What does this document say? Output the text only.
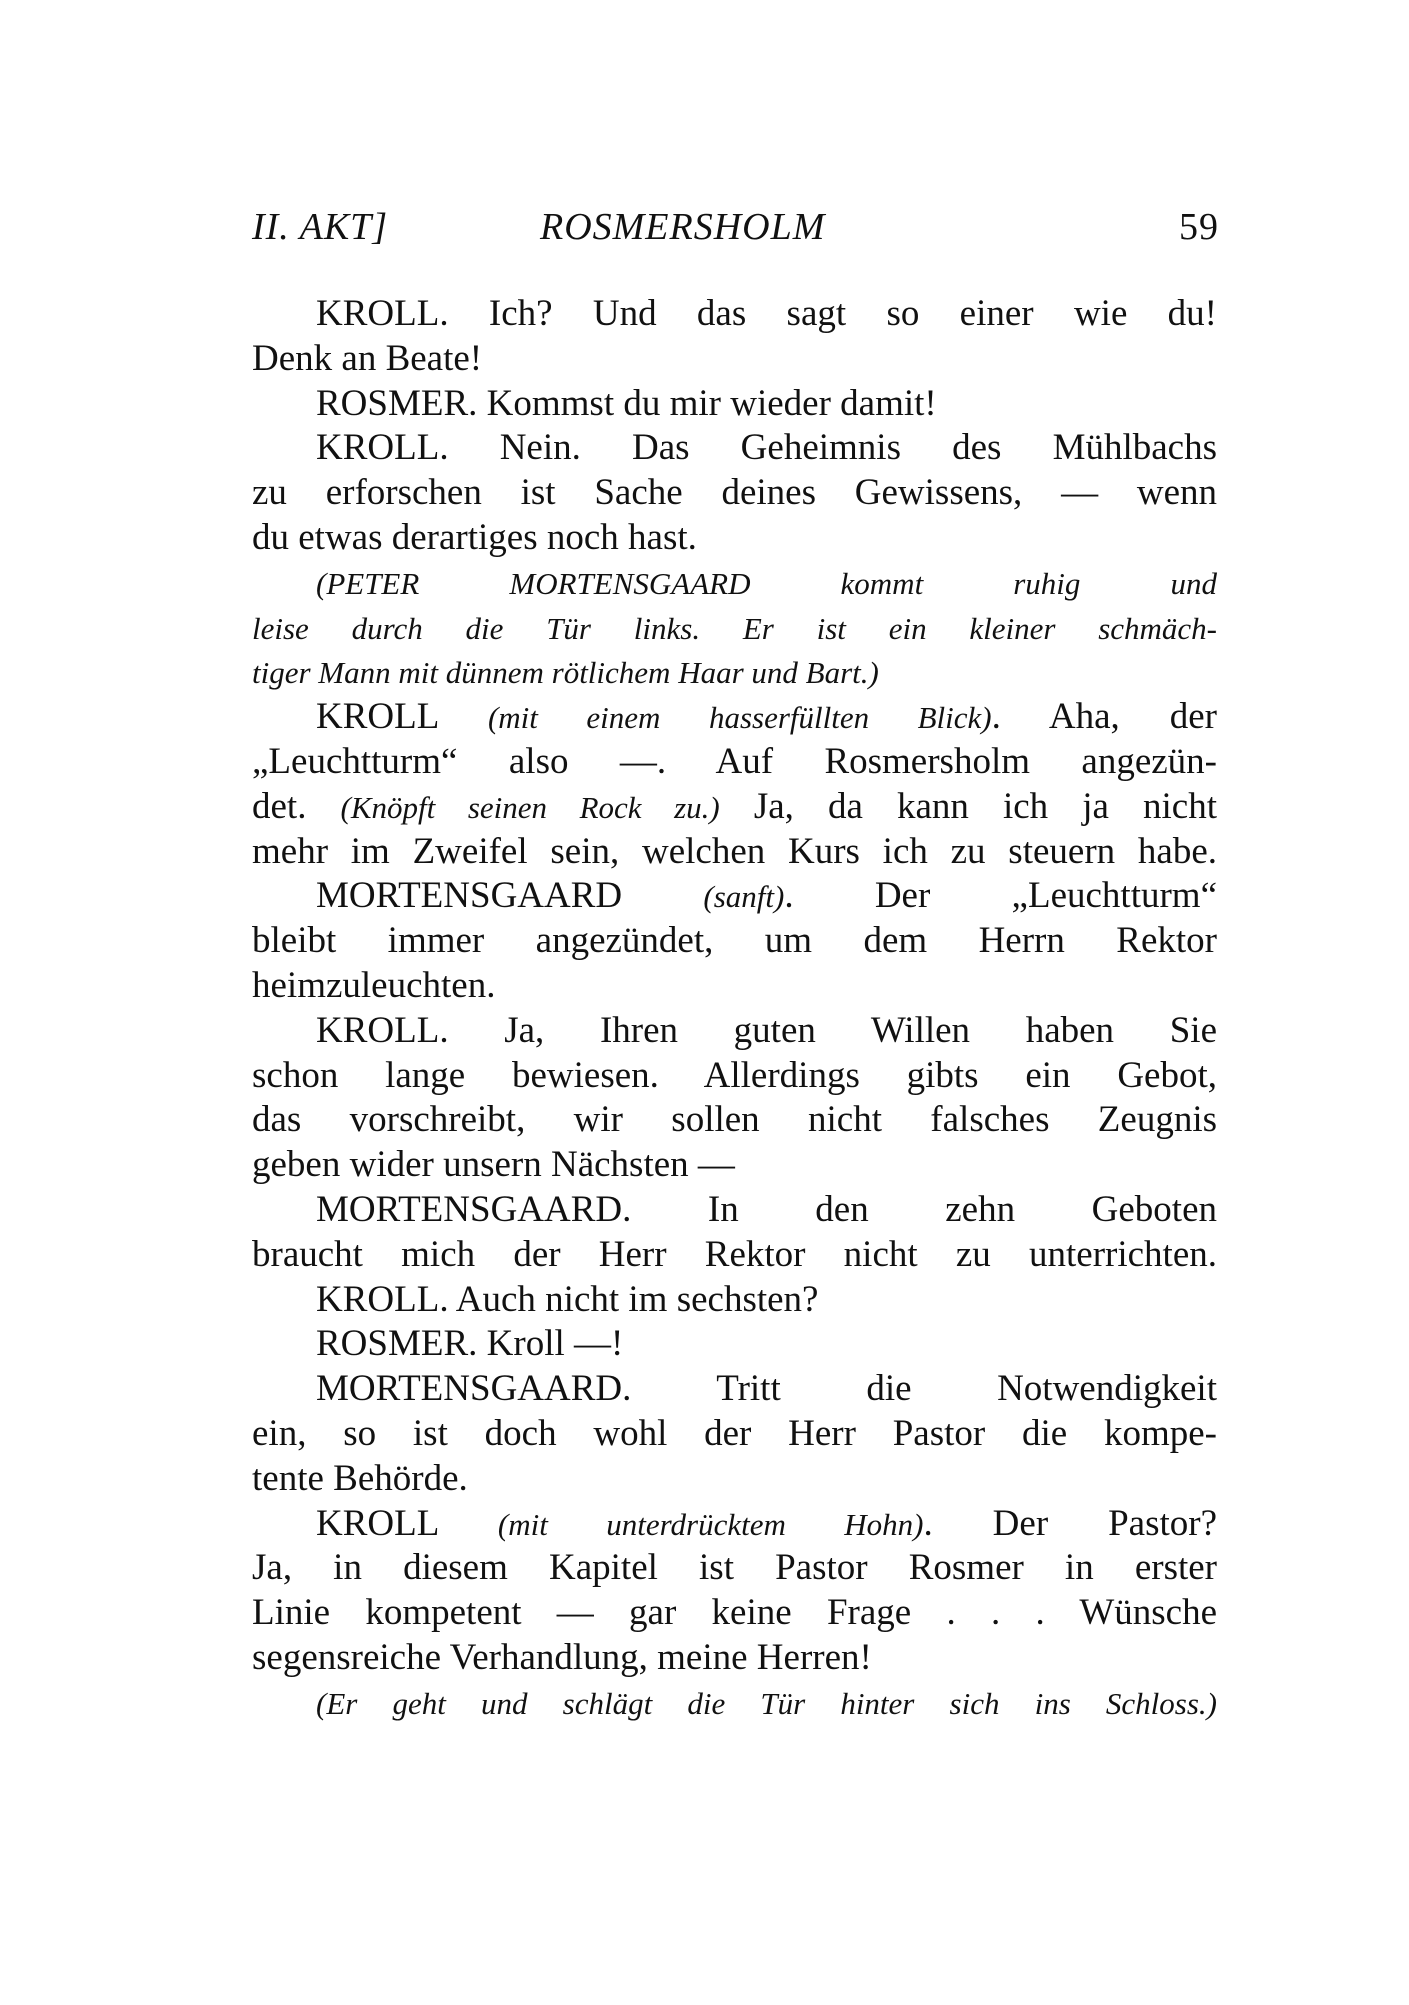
II. AKT]	ROSMERSHOLM	59
KROLL. Ich? Und das sagt so einer wie du!
Denk an Beate!
ROSMER. Kommst du mir wieder damit!
KROLL. Nein. Das Geheimnis des Mühlbachs
zu erforschen ist Sache deines Gewissens, — wenn
du etwas derartiges noch hast.
(PETER MORTENSGAARD kommt ruhig und
leise durch die Tür links. Er ist ein kleiner schmäch-
tiger Mann mit dünnem rötlichem Haar und Bart.)
KROLL (mit einem hasserfüllten Blick). Aha, der
„Leuchtturm“ also —. Auf Rosmersholm angezün-
det. (Knöpft seinen Rock zu.) Ja, da kann ich ja nicht
mehr im Zweifel sein, welchen Kurs ich zu steuern habe.
MORTENSGAARD (sanft). Der „Leuchtturm“
bleibt immer angezündet, um dem Herrn Rektor
heimzuleuchten.
KROLL. Ja, Ihren guten Willen haben Sie
schon lange bewiesen. Allerdings gibts ein Gebot,
das vorschreibt, wir sollen nicht falsches Zeugnis
geben wider unsern Nächsten —
MORTENSGAARD. In den zehn Geboten
braucht mich der Herr Rektor nicht zu unterrichten.
KROLL. Auch nicht im sechsten?
ROSMER. Kroll —!
MORTENSGAARD. Tritt die Notwendigkeit
ein, so ist doch wohl der Herr Pastor die kompe-
tente Behörde.
KROLL (mit unterdrücktem Hohn). Der Pastor?
Ja, in diesem Kapitel ist Pastor Rosmer in erster
Linie kompetent — gar keine Frage . . . Wünsche
segensreiche Verhandlung, meine Herren!
(Er geht und schlägt die Tür hinter sich ins Schloss.)
